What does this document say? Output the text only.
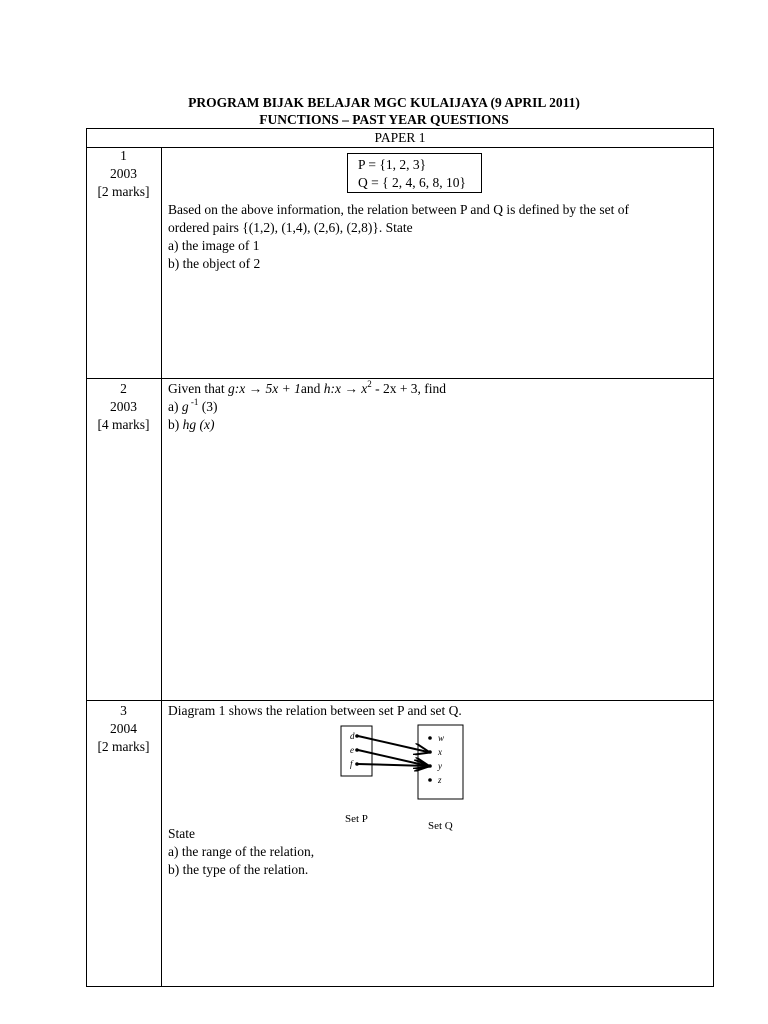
PROGRAM BIJAK BELAJAR MGC KULAIJAYA (9 APRIL 2011)
FUNCTIONS – PAST YEAR QUESTIONS
PAPER 1
1
2003
[2 marks]
P = {1, 2, 3}
Q = { 2, 4, 6, 8, 10}
Based on the above information, the relation between P and Q is defined by the set of
ordered pairs {(1,2), (1,4), (2,6), (2,8)}. State
a) the image of 1
b) the object of 2
2
2003
[4 marks]
Given that g:x → 5x + 1and h:x → $x^2 - 2x + 3$, find
a) g $^{-1}$ (3)
b) hg (x)
3
2004
[2 marks]
Diagram 1 shows the relation between set P and set Q.
d
e
f
w
x
y
z
Set P
Set Q
State
a) the range of the relation,
b) the type of the relation.
